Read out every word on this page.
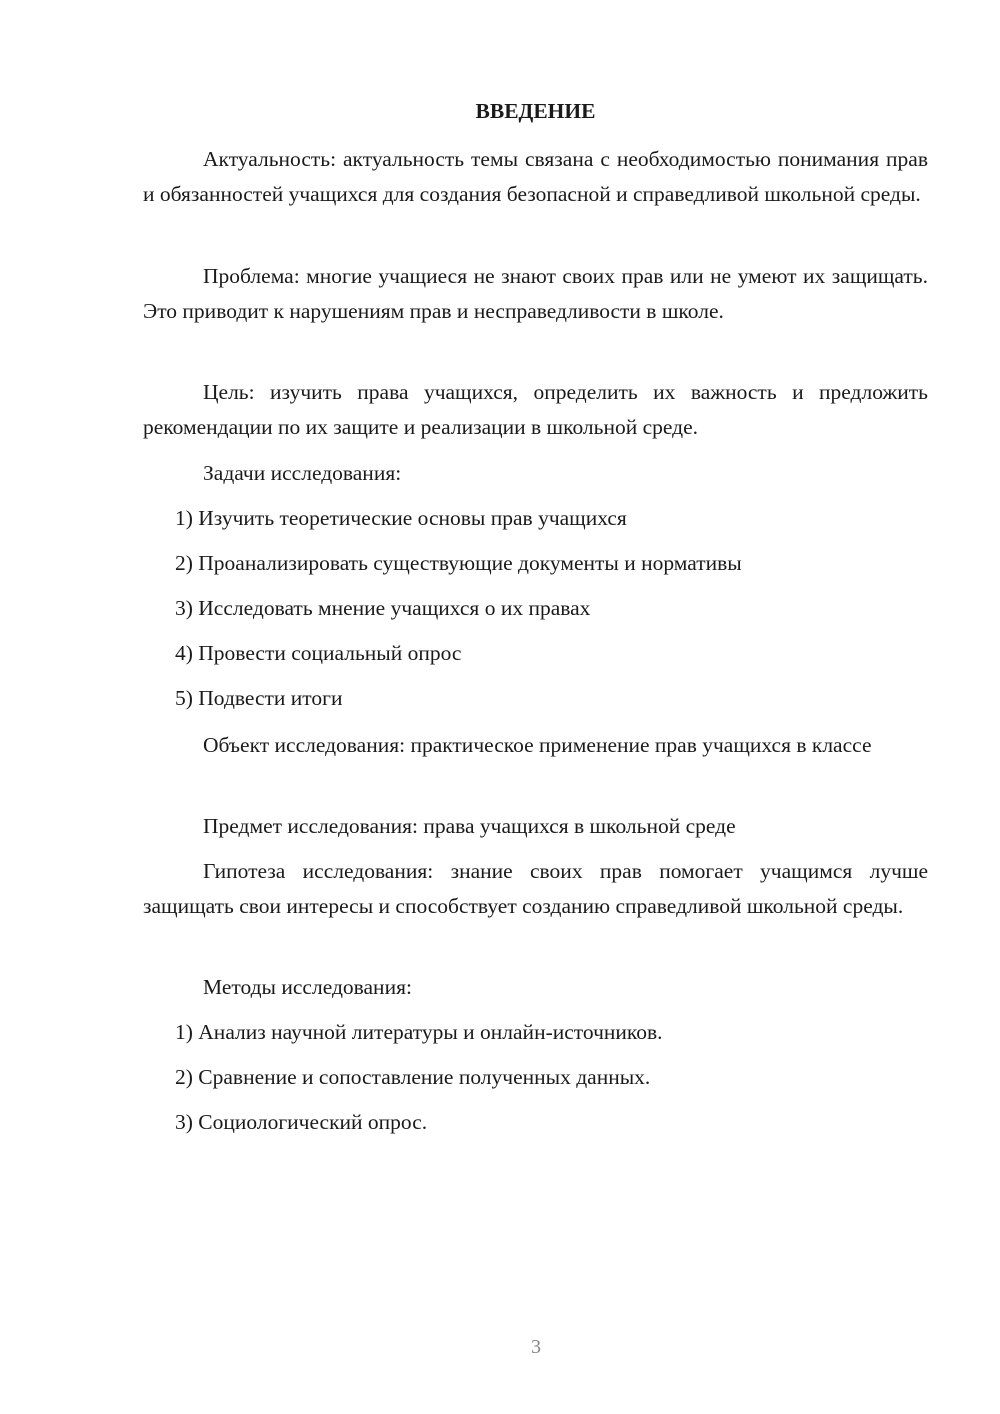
ВВЕДЕНИЕ

Актуальность: актуальность темы связана с необходимостью понимания прав и обязанностей учащихся для создания безопасной и справедливой школьной среды.

Проблема: многие учащиеся не знают своих прав или не умеют их защищать. Это приводит к нарушениям прав и несправедливости в школе.

Цель: изучить права учащихся, определить их важность и предложить рекомендации по их защите и реализации в школьной среде.

Задачи исследования:

1) Изучить теоретические основы прав учащихся

2) Проанализировать существующие документы и нормативы

3) Исследовать мнение учащихся о их правах

4) Провести социальный опрос

5) Подвести итоги

Объект исследования: практическое применение прав учащихся в классе

Предмет исследования: права учащихся в школьной среде

Гипотеза исследования: знание своих прав помогает учащимся лучше защищать свои интересы и способствует созданию справедливой школьной среды.

Методы исследования:

1) Анализ научной литературы и онлайн-источников.

2) Сравнение и сопоставление полученных данных.

3) Социологический опрос.

3
